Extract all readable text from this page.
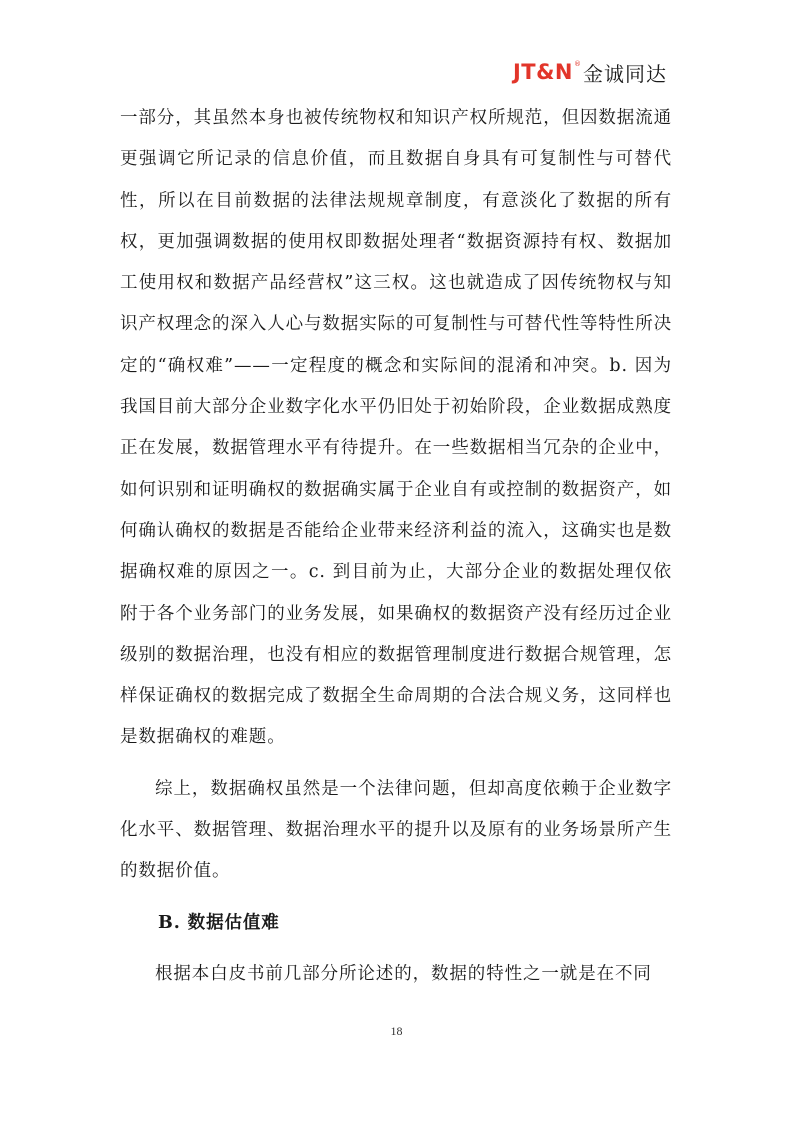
JT&N ® 金诚同达

一部分，其虽然本身也被传统物权和知识产权所规范，但因数据流通更强调它所记录的信息价值，而且数据自身具有可复制性与可替代性，所以在目前数据的法律法规规章制度，有意淡化了数据的所有权，更加强调数据的使用权即数据处理者“数据资源持有权、数据加工使用权和数据产品经营权”这三权。这也就造成了因传统物权与知识产权理念的深入人心与数据实际的可复制性与可替代性等特性所决定的“确权难”——一定程度的概念和实际间的混淆和冲突。b. 因为我国目前大部分企业数字化水平仍旧处于初始阶段，企业数据成熟度正在发展，数据管理水平有待提升。在一些数据相当冗杂的企业中，如何识别和证明确权的数据确实属于企业自有或控制的数据资产，如何确认确权的数据是否能给企业带来经济利益的流入，这确实也是数据确权难的原因之一。c. 到目前为止，大部分企业的数据处理仅依附于各个业务部门的业务发展，如果确权的数据资产没有经历过企业级别的数据治理，也没有相应的数据管理制度进行数据合规管理，怎样保证确权的数据完成了数据全生命周期的合法合规义务，这同样也是数据确权的难题。

综上，数据确权虽然是一个法律问题，但却高度依赖于企业数字化水平、数据管理、数据治理水平的提升以及原有的业务场景所产生的数据价值。

B. 数据估值难

根据本白皮书前几部分所论述的，数据的特性之一就是在不同

18
